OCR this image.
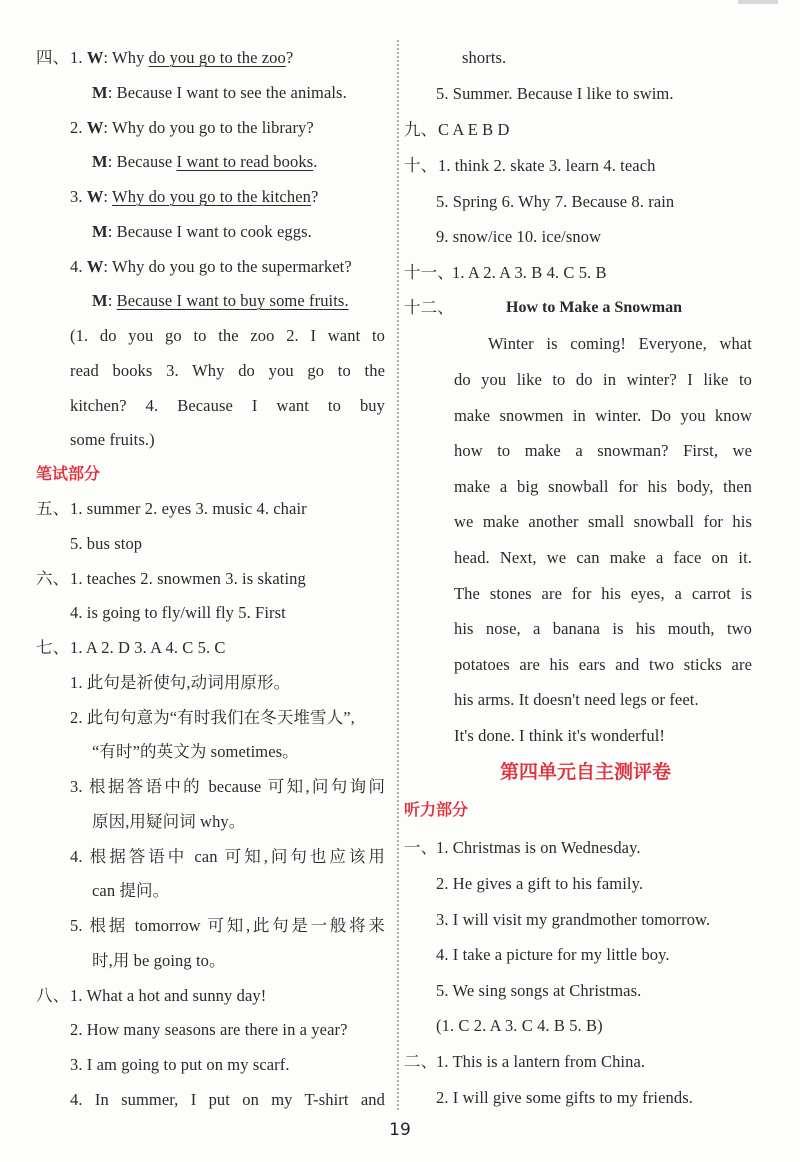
四、 1. W: Why do you go to the zoo?
M: Because I want to see the animals.
2. W: Why do you go to the library?
M: Because I want to read books.
3. W: Why do you go to the kitchen?
M: Because I want to cook eggs.
4. W: Why do you go to the supermarket?
M: Because I want to buy some fruits.
(1. do you go to the zoo 2. I want to
read books 3. Why do you go to the
kitchen? 4. Because I want to buy
some fruits.)
笔试部分
五、 1. summer 2. eyes 3. music 4. chair
5. bus stop
六、 1. teaches 2. snowmen 3. is skating
4. is going to fly/will fly 5. First
七、 1. A 2. D 3. A 4. C 5. C
1. 此句是祈使句,动词用原形。
2. 此句句意为“有时我们在冬天堆雪人”,
“有时”的英文为 sometimes。
3. 根据答语中的 because 可知,问句询问
原因,用疑问词 why。
4. 根据答语中 can 可知,问句也应该用
can 提问。
5. 根据 tomorrow 可知,此句是一般将来
时,用 be going to。
八、 1. What a hot and sunny day!
2. How many seasons are there in a year?
3. I am going to put on my scarf.
4. In summer, I put on my T-shirt and
shorts.
5. Summer. Because I like to swim.
九、 C A E B D
十、 1. think 2. skate 3. learn 4. teach
5. Spring 6. Why 7. Because 8. rain
9. snow/ice 10. ice/snow
十一、
1. A 2. A 3. B 4. C 5. B
十二、	How to Make a Snowman
Winter is coming! Everyone, what
do you like to do in winter? I like to
make snowmen in winter. Do you know
how to make a snowman? First, we
make a big snowball for his body, then
we make another small snowball for his
head. Next, we can make a face on it.
The stones are for his eyes, a carrot is
his nose, a banana is his mouth, two
potatoes are his ears and two sticks are
his arms. It doesn't need legs or feet.
It's done. I think it's wonderful!
第四单元自主测评卷
听力部分
一、
1. Christmas is on Wednesday.
2. He gives a gift to his family.
3. I will visit my grandmother tomorrow.
4. I take a picture for my little boy.
5. We sing songs at Christmas.
(1. C 2. A 3. C 4. B 5. B)
二、
1. This is a lantern from China.
2. I will give some gifts to my friends.
19
